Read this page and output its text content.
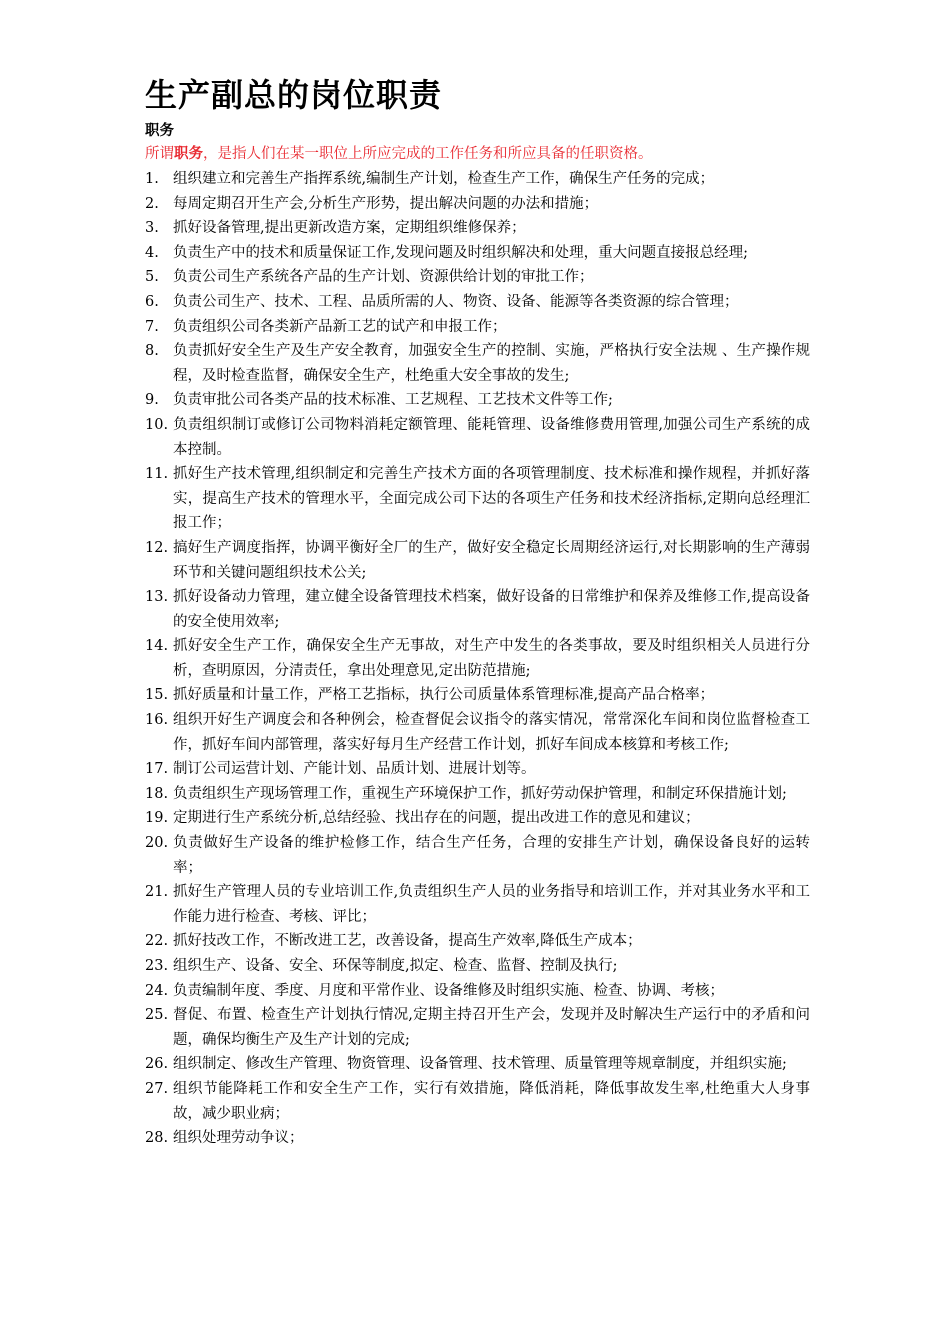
生产副总的岗位职责
职务

所谓职务，是指人们在某一职位上所应完成的工作任务和所应具备的任职资格。

1. 组织建立和完善生产指挥系统,编制生产计划，检查生产工作，确保生产任务的完成；
2. 每周定期召开生产会,分析生产形势，提出解决问题的办法和措施；
3. 抓好设备管理,提出更新改造方案，定期组织维修保养；
4. 负责生产中的技术和质量保证工作,发现问题及时组织解决和处理，重大问题直接报总经理;
5. 负责公司生产系统各产品的生产计划、资源供给计划的审批工作；
6. 负责公司生产、技术、工程、品质所需的人、物资、设备、能源等各类资源的综合管理；
7. 负责组织公司各类新产品新工艺的试产和申报工作；
8. 负责抓好安全生产及生产安全教育，加强安全生产的控制、实施，严格执行安全法规 、生产操作规程，及时检查监督，确保安全生产，杜绝重大安全事故的发生;
9. 负责审批公司各类产品的技术标准、工艺规程、工艺技术文件等工作;
10. 负责组织制订或修订公司物料消耗定额管理、能耗管理、设备维修费用管理,加强公司生产系统的成本控制。
11. 抓好生产技术管理,组织制定和完善生产技术方面的各项管理制度、技术标准和操作规程，并抓好落实，提高生产技术的管理水平，全面完成公司下达的各项生产任务和技术经济指标,定期向总经理汇报工作；
12. 搞好生产调度指挥，协调平衡好全厂的生产，做好安全稳定长周期经济运行,对长期影响的生产薄弱环节和关键问题组织技术公关;
13. 抓好设备动力管理，建立健全设备管理技术档案，做好设备的日常维护和保养及维修工作,提高设备的安全使用效率;
14. 抓好安全生产工作，确保安全生产无事故，对生产中发生的各类事故，要及时组织相关人员进行分析，查明原因，分清责任，拿出处理意见,定出防范措施;
15. 抓好质量和计量工作，严格工艺指标，执行公司质量体系管理标准,提高产品合格率；
16. 组织开好生产调度会和各种例会，检查督促会议指令的落实情况，常常深化车间和岗位监督检查工作，抓好车间内部管理，落实好每月生产经营工作计划，抓好车间成本核算和考核工作;
17. 制订公司运营计划、产能计划、品质计划、进展计划等。
18. 负责组织生产现场管理工作，重视生产环境保护工作，抓好劳动保护管理，和制定环保措施计划;
19. 定期进行生产系统分析,总结经验、找出存在的问题，提出改进工作的意见和建议；
20. 负责做好生产设备的维护检修工作，结合生产任务，合理的安排生产计划，确保设备良好的运转率；
21. 抓好生产管理人员的专业培训工作,负责组织生产人员的业务指导和培训工作，并对其业务水平和工作能力进行检查、考核、评比；
22. 抓好技改工作，不断改进工艺，改善设备，提高生产效率,降低生产成本；
23. 组织生产、设备、安全、环保等制度,拟定、检查、监督、控制及执行;
24. 负责编制年度、季度、月度和平常作业、设备维修及时组织实施、检查、协调、考核；
25. 督促、布置、检查生产计划执行情况,定期主持召开生产会，发现并及时解决生产运行中的矛盾和问题，确保均衡生产及生产计划的完成;
26. 组织制定、修改生产管理、物资管理、设备管理、技术管理、质量管理等规章制度，并组织实施;
27. 组织节能降耗工作和安全生产工作，实行有效措施，降低消耗，降低事故发生率,杜绝重大人身事故，减少职业病；
28. 组织处理劳动争议；
